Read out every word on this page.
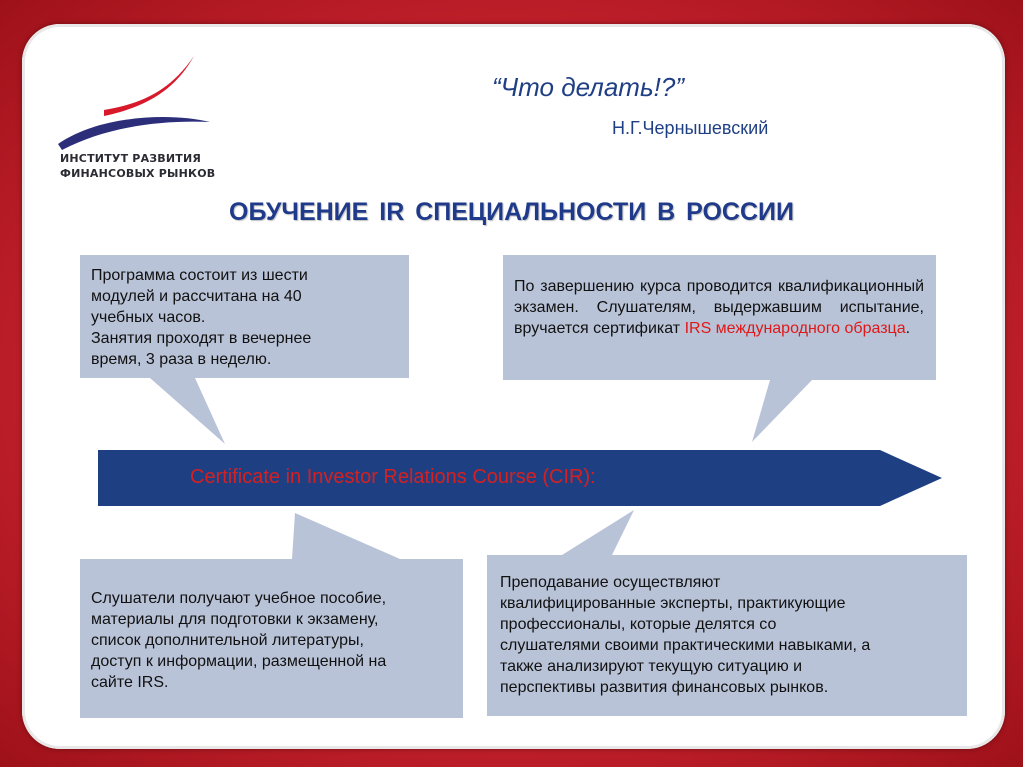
ИНСТИТУТ РАЗВИТИЯ
ФИНАНСОВЫХ РЫНКОВ
“Что делать!?”
Н.Г.Чернышевский
ОБУЧЕНИЕ IR СПЕЦИАЛЬНОСТИ В РОССИИ
Certificate in Investor Relations Course (CIR):
Программа состоит из шести
модулей и рассчитана на 40
учебных часов.
Занятия проходят в вечернее
время, 3 раза в неделю.
По завершению курса проводится квалификационный экзамен. Слушателям, выдержавшим испытание, вручается сертификат IRS международного образца.
Слушатели получают учебное пособие,
материалы для подготовки к экзамену,
список дополнительной литературы,
доступ к информации, размещенной на
сайте IRS.
Преподавание осуществляют
квалифицированные эксперты, практикующие
профессионалы, которые делятся со
слушателями своими практическими навыками, а
также анализируют текущую ситуацию и
перспективы развития финансовых рынков.
